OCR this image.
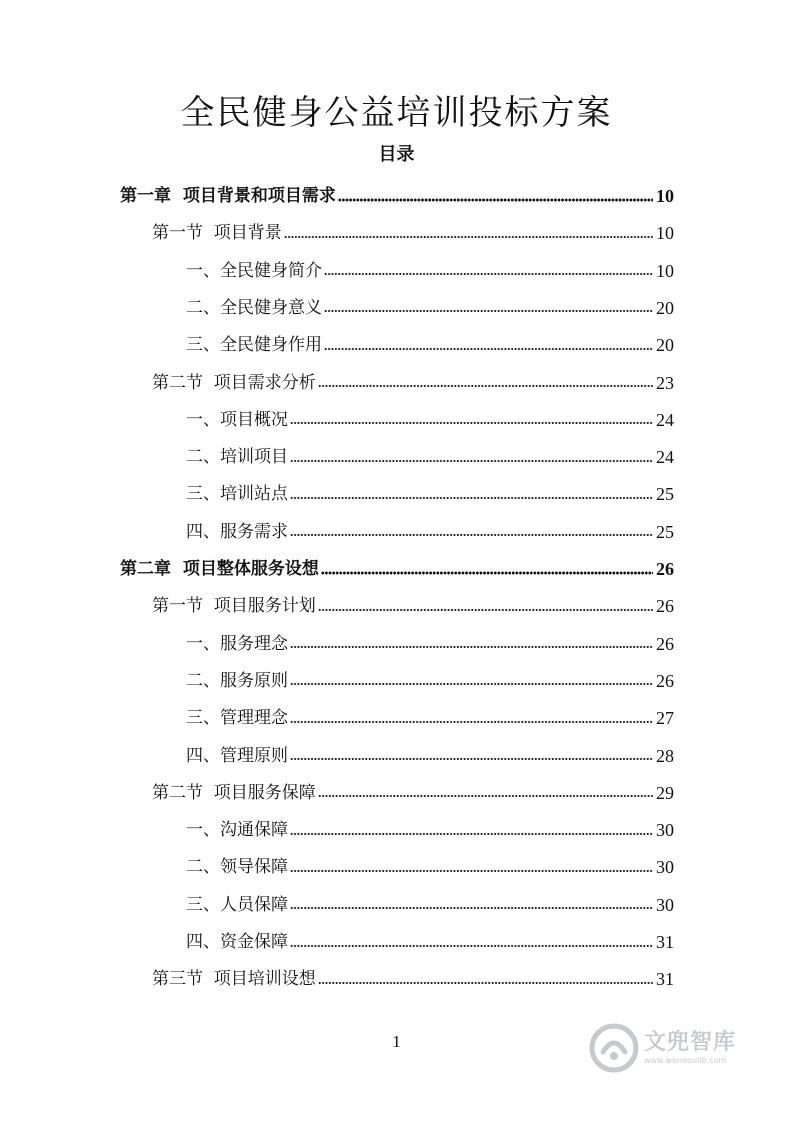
全民健身公益培训投标方案
目录
第一章  项目背景和项目需求	10
第一节  项目背景	10
一、全民健身简介	10
二、全民健身意义	20
三、全民健身作用	20
第二节  项目需求分析	23
一、项目概况	24
二、培训项目	24
三、培训站点	25
四、服务需求	25
第二章  项目整体服务设想	26
第一节  项目服务计划	26
一、服务理念	26
二、服务原则	26
三、管理理念	27
四、管理原则	28
第二节  项目服务保障	29
一、沟通保障	30
二、领导保障	30
三、人员保障	30
四、资金保障	31
第三节  项目培训设想	31
1	文兜智库
www.wendoulib.com
